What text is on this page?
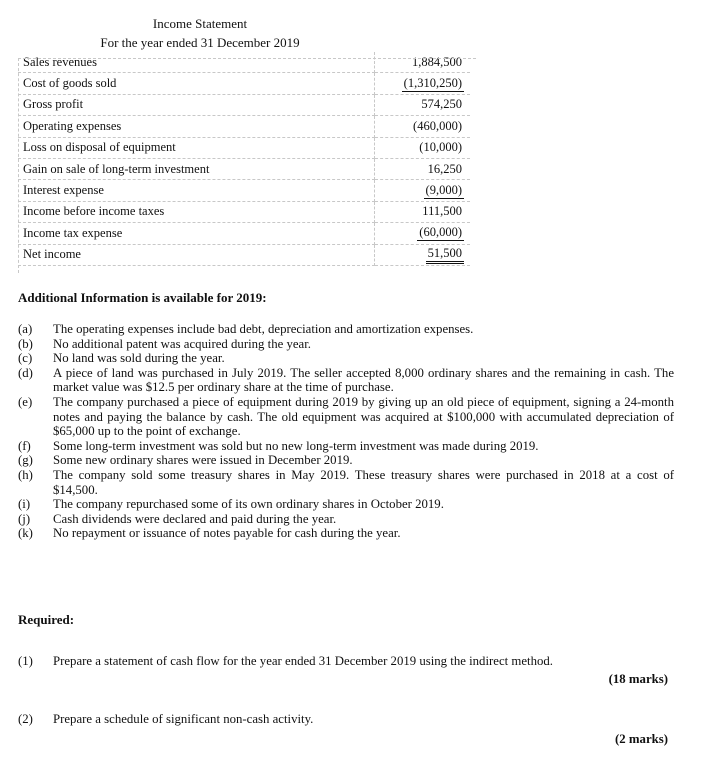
Income Statement
For the year ended 31 December 2019
Sales revenues	1,884,500
Cost of goods sold	(1,310,250)
Gross profit	574,250
Operating expenses	(460,000)
Loss on disposal of equipment	(10,000)
Gain on sale of long-term investment	16,250
Interest expense	(9,000)
Income before income taxes	111,500
Income tax expense	(60,000)
Net income	51,500
Additional Information is available for 2019:
(a)	The operating expenses include bad debt, depreciation and amortization expenses.
(b)	No additional patent was acquired during the year.
(c)	No land was sold during the year.
(d)	A piece of land was purchased in July 2019. The seller accepted 8,000 ordinary shares and the remaining in cash. The market value was $12.5 per ordinary share at the time of purchase.
(e)	The company purchased a piece of equipment during 2019 by giving up an old piece of equipment, signing a 24-month notes and paying the balance by cash. The old equipment was acquired at $100,000 with accumulated depreciation of $65,000 up to the point of exchange.
(f)	Some long-term investment was sold but no new long-term investment was made during 2019.
(g)	Some new ordinary shares were issued in December 2019.
(h)	The company sold some treasury shares in May 2019. These treasury shares were purchased in 2018 at a cost of $14,500.
(i)	The company repurchased some of its own ordinary shares in October 2019.
(j)	Cash dividends were declared and paid during the year.
(k)	No repayment or issuance of notes payable for cash during the year.
Required:
(1) Prepare a statement of cash flow for the year ended 31 December 2019 using the indirect method.
(18 marks)
(2) Prepare a schedule of significant non-cash activity.
(2 marks)
